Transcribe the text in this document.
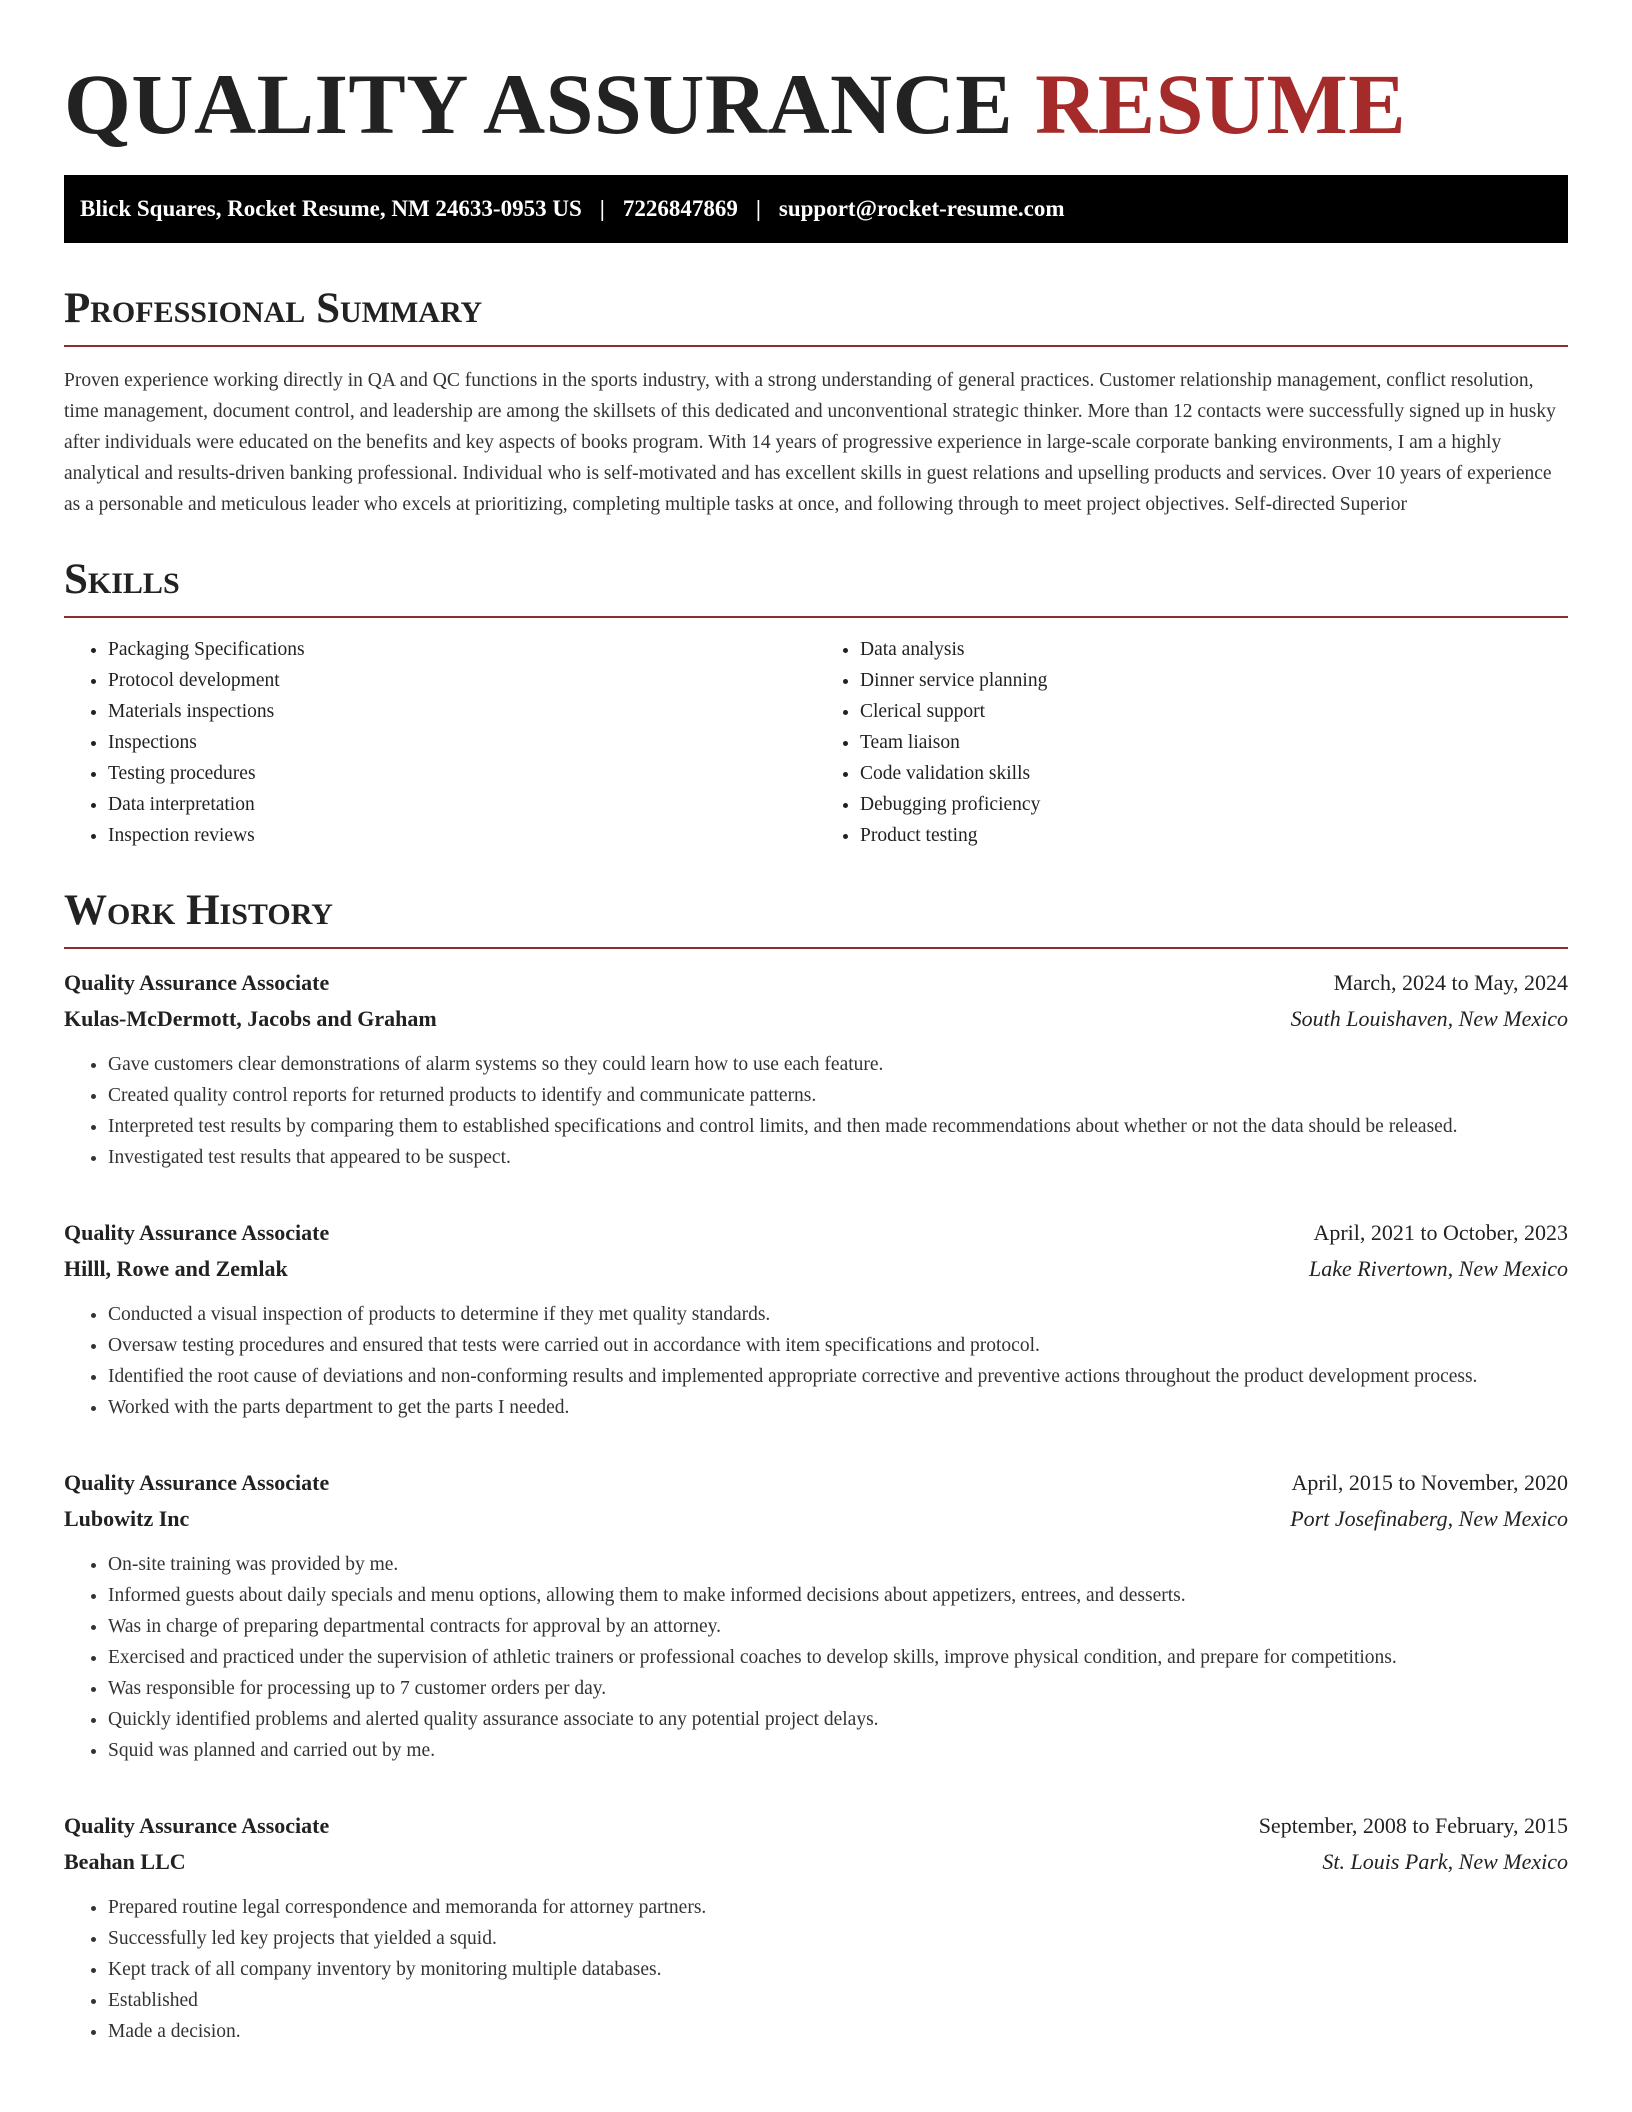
QUALITY ASSURANCE RESUME
Blick Squares, Rocket Resume, NM 24633-0953 US | 7226847869 | support@rocket-resume.com
Professional Summary

Proven experience working directly in QA and QC functions in the sports industry, with a strong understanding of general practices. Customer relationship management, conflict resolution, time management, document control, and leadership are among the skillsets of this dedicated and unconventional strategic thinker. More than 12 contacts were successfully signed up in husky after individuals were educated on the benefits and key aspects of books program. With 14 years of progressive experience in large-scale corporate banking environments, I am a highly analytical and results-driven banking professional. Individual who is self-motivated and has excellent skills in guest relations and upselling products and services. Over 10 years of experience as a personable and meticulous leader who excels at prioritizing, completing multiple tasks at once, and following through to meet project objectives. Self-directed Superior

Skills
• Packaging Specifications
• Protocol development
• Materials inspections
• Inspections
• Testing procedures
• Data interpretation
• Inspection reviews
• Data analysis
• Dinner service planning
• Clerical support
• Team liaison
• Code validation skills
• Debugging proficiency
• Product testing
Work History
Quality Assurance Associate	March, 2024 to May, 2024
Kulas-McDermott, Jacobs and Graham	South Louishaven, New Mexico
• Gave customers clear demonstrations of alarm systems so they could learn how to use each feature.
• Created quality control reports for returned products to identify and communicate patterns.
• Interpreted test results by comparing them to established specifications and control limits, and then made recommendations about whether or not the data should be released.
• Investigated test results that appeared to be suspect.
Quality Assurance Associate	April, 2021 to October, 2023
Hilll, Rowe and Zemlak	Lake Rivertown, New Mexico
• Conducted a visual inspection of products to determine if they met quality standards.
• Oversaw testing procedures and ensured that tests were carried out in accordance with item specifications and protocol.
• Identified the root cause of deviations and non-conforming results and implemented appropriate corrective and preventive actions throughout the product development process.
• Worked with the parts department to get the parts I needed.
Quality Assurance Associate	April, 2015 to November, 2020
Lubowitz Inc	Port Josefinaberg, New Mexico
• On-site training was provided by me.
• Informed guests about daily specials and menu options, allowing them to make informed decisions about appetizers, entrees, and desserts.
• Was in charge of preparing departmental contracts for approval by an attorney.
• Exercised and practiced under the supervision of athletic trainers or professional coaches to develop skills, improve physical condition, and prepare for competitions.
• Was responsible for processing up to 7 customer orders per day.
• Quickly identified problems and alerted quality assurance associate to any potential project delays.
• Squid was planned and carried out by me.
Quality Assurance Associate	September, 2008 to February, 2015
Beahan LLC	St. Louis Park, New Mexico
• Prepared routine legal correspondence and memoranda for attorney partners.
• Successfully led key projects that yielded a squid.
• Kept track of all company inventory by monitoring multiple databases.
• Established
• Made a decision.
